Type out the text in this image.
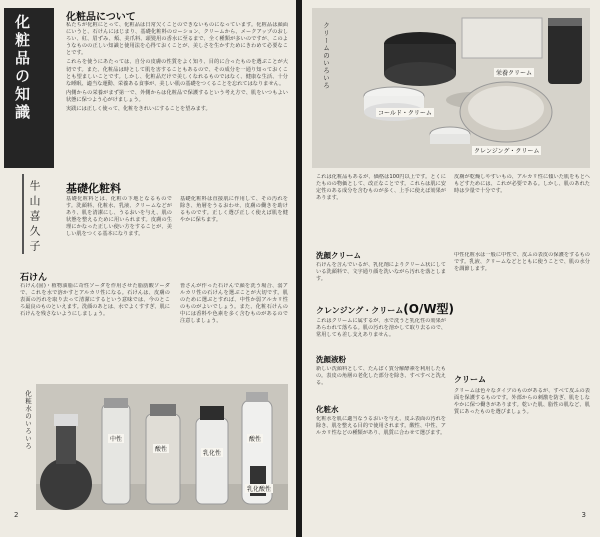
化粧品の知識
牛山喜久子
化粧品について

私たちが化粧にとって、化粧品は日常欠くことのできないものになっています。化粧品は顔面にいうと、石けんにはじまり、基礎化粧料のローション、クリームから、メークアップのおしろい、紅、眉ずみ、頬、美爪料、頭髪用の香水に至るまで、全く種類が多いのですが、このようなものの正しい知識と使用法を心得ておくことが、美しさを生かすためにきわめて必要なことです。

これらを使うにあたっては、自分の皮膚の性質をよく知り、目的に合ったものを選ぶことが大切です。また、化粧品は時として肌を害することもあるので、その成分を一通り知っておくことも望ましいことです。しかし、化粧品だけで美しくなれるものではなく、健康な生活、十分な睡眠、適当な運動、栄養ある食事が、美しい肌の基礎をつくることを忘れてはなりません。

内側からの栄養がまず第一で、外側からは化粧品で保護するという考え方で、肌をいつもよい状態に保つよう心がけましょう。

実践には正しく使って、化粧をきれいにすることを望みます。

基礎化粧料
基礎化粧料とは、化粧の下地となるものです。洗顔料、化粧水、乳液、クリームなどがあり、肌を清潔にし、うるおいを与え、肌の状態を整えるために用いられます。皮膚の生理にかなった正しい使い方をすることが、美しい肌をつくる基本になります。
基礎化粧料は直接肌に作用して、その汚れを除き、角層をうるおわせ、皮膚の働きを助けるものです。正しく選び正しく使えば肌を健やかに保ちます。
石けん
石けん(固)・植物油脂に苛性ソーダを作用させた脂肪酸ソーダで、これを水で溶かすとアルカリ性になる。石けんは、皮膚の表面の汚れを取り去って清潔にするという意味では、今のところ最良のものといえます。洗顔のあとは、水でよくすすぎ、肌に石けんを残さないようにしましょう。
皆さんが作った石けんで顔を洗う場合、弱アルカリ性の石けんを選ぶことが大切です。肌のために選ぶとすれば、中性か弱アルカリ性のものがよいでしょう。また、化粧石けんの中には香料や色素を多く含むものがあるので注意しましょう。
化粧水のいろいろ	中性
酸性
乳化性
酸性
乳化酸性
2
クリームのいろいろ	栄養クリーム
コールド・クリーム
クレンジング・クリーム
これは化粧品もあるが、価格は100円以上です。とくにたものの物価として、改正なことです。これらは肌に安定性のある成分を含むものが多く、上手に使えば効果があります。
洗顔クリーム
石けんを含んでいるが、乳化剤によりクリーム状にしている洗顔料で、文字通り顔を洗いながら汚れを落とします。
クレンジング・クリーム(O/W型)
これはクリームに属するが、水で洗うと乳化性の効果があらわれて落ちる。肌の汚れを溶かして取り去るので、常用しても差し支えありません。
洗顔液粉
新しい洗顔料として、たんぱく質分解酵素を利用したもの。表皮の角層の老化した部分を除き、すべすべと洗える。
化粧水
化粧水を肌に適当なうるおいを与え、皮ふ表面の汚れを除き、肌を整える目的で使用されます。酸性、中性、アルカリ性などの種類があり、肌質に合わせて選びます。
皮膚が乾燥しやすいもの、アルカリ性に傾いた肌をもとへもどすためには、これが必要である。しかし、肌のあれた時は少量で十分です。
中性化粧水は一般に中性で、皮ふの表皮の保護をするものです。乳液、クリームなどとともに使うことで、肌の水分を調節します。
クリーム
クリームは色々なタイプのものがあるが、すべて皮ふの表面を保護するものです。外部からの刺激を防ぎ、肌をしなやかに保つ働きがあります。乾いた肌、脂性の肌など、肌質にあったものを選びましょう。
3
